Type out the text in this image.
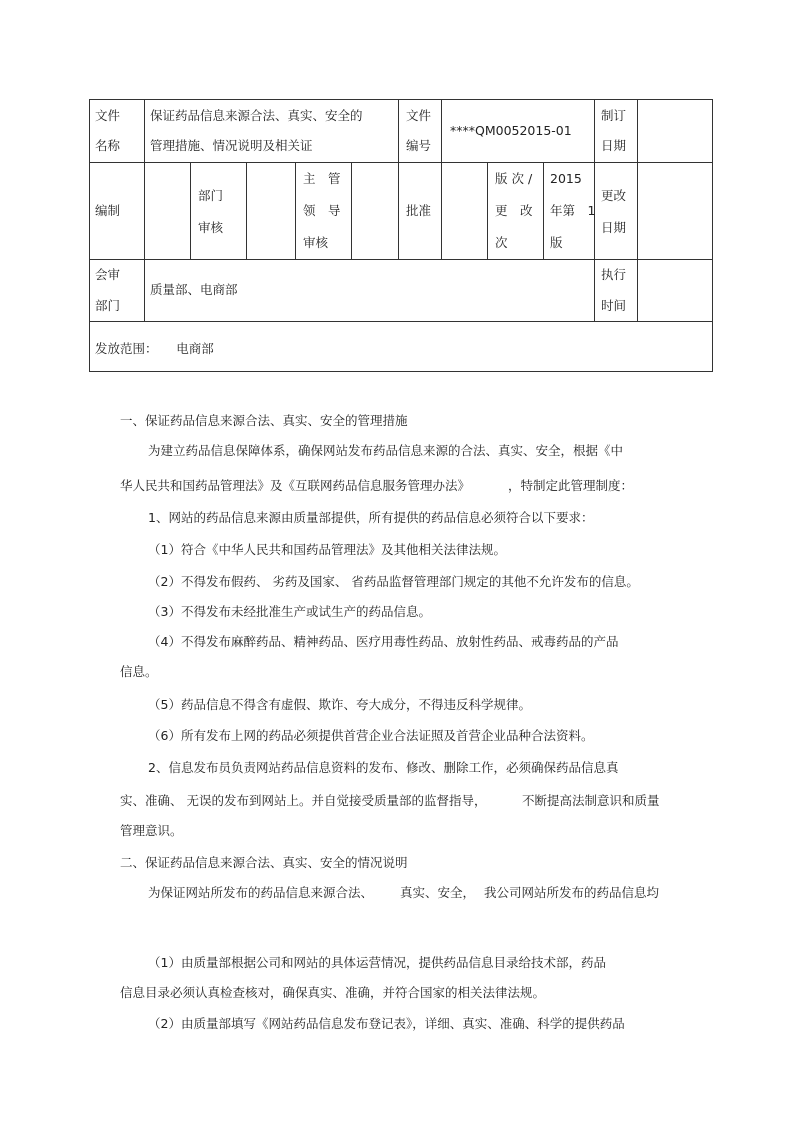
文件
名称
保证药品信息来源合法、真实、安全的
管理措施、情况说明及相关证
文件
编号
****QM0052015-01
制订
日期
编制
部门
审核
主　管
领　导
审核
批准
版 次 /
更　改
次
2015
年第　1
版
更改
日期
会审
部门
质量部、电商部
执行
时间
发放范围：　　电商部
一、保证药品信息来源合法、真实、安全的管理措施
为建立药品信息保障体系，确保网站发布药品信息来源的合法、真实、安全，根据《中
华人民共和国药品管理法》及《互联网药品信息服务管理办法》	，特制定此管理制度：
1、网站的药品信息来源由质量部提供，所有提供的药品信息必须符合以下要求：
（1）符合《中华人民共和国药品管理法》及其他相关法律法规。
（2）不得发布假药、 劣药及国家、 省药品监督管理部门规定的其他不允许发布的信息。
（3）不得发布未经批准生产或试生产的药品信息。
（4）不得发布麻醉药品、精神药品、医疗用毒性药品、放射性药品、戒毒药品的产品
信息。
（5）药品信息不得含有虚假、欺诈、夸大成分，不得违反科学规律。
（6）所有发布上网的药品必须提供首营企业合法证照及首营企业品种合法资料。
2、信息发布员负责网站药品信息资料的发布、修改、删除工作，必须确保药品信息真
实、准确、 无误的发布到网站上。并自觉接受质量部的监督指导，	不断提高法制意识和质量
管理意识。
二、保证药品信息来源合法、真实、安全的情况说明
为保证网站所发布的药品信息来源合法、 真实、安全， 我公司网站所发布的药品信息均
（1）由质量部根据公司和网站的具体运营情况，提供药品信息目录给技术部，药品
信息目录必须认真检查核对，确保真实、准确，并符合国家的相关法律法规。
（2）由质量部填写《网站药品信息发布登记表》，详细、真实、准确、科学的提供药品
